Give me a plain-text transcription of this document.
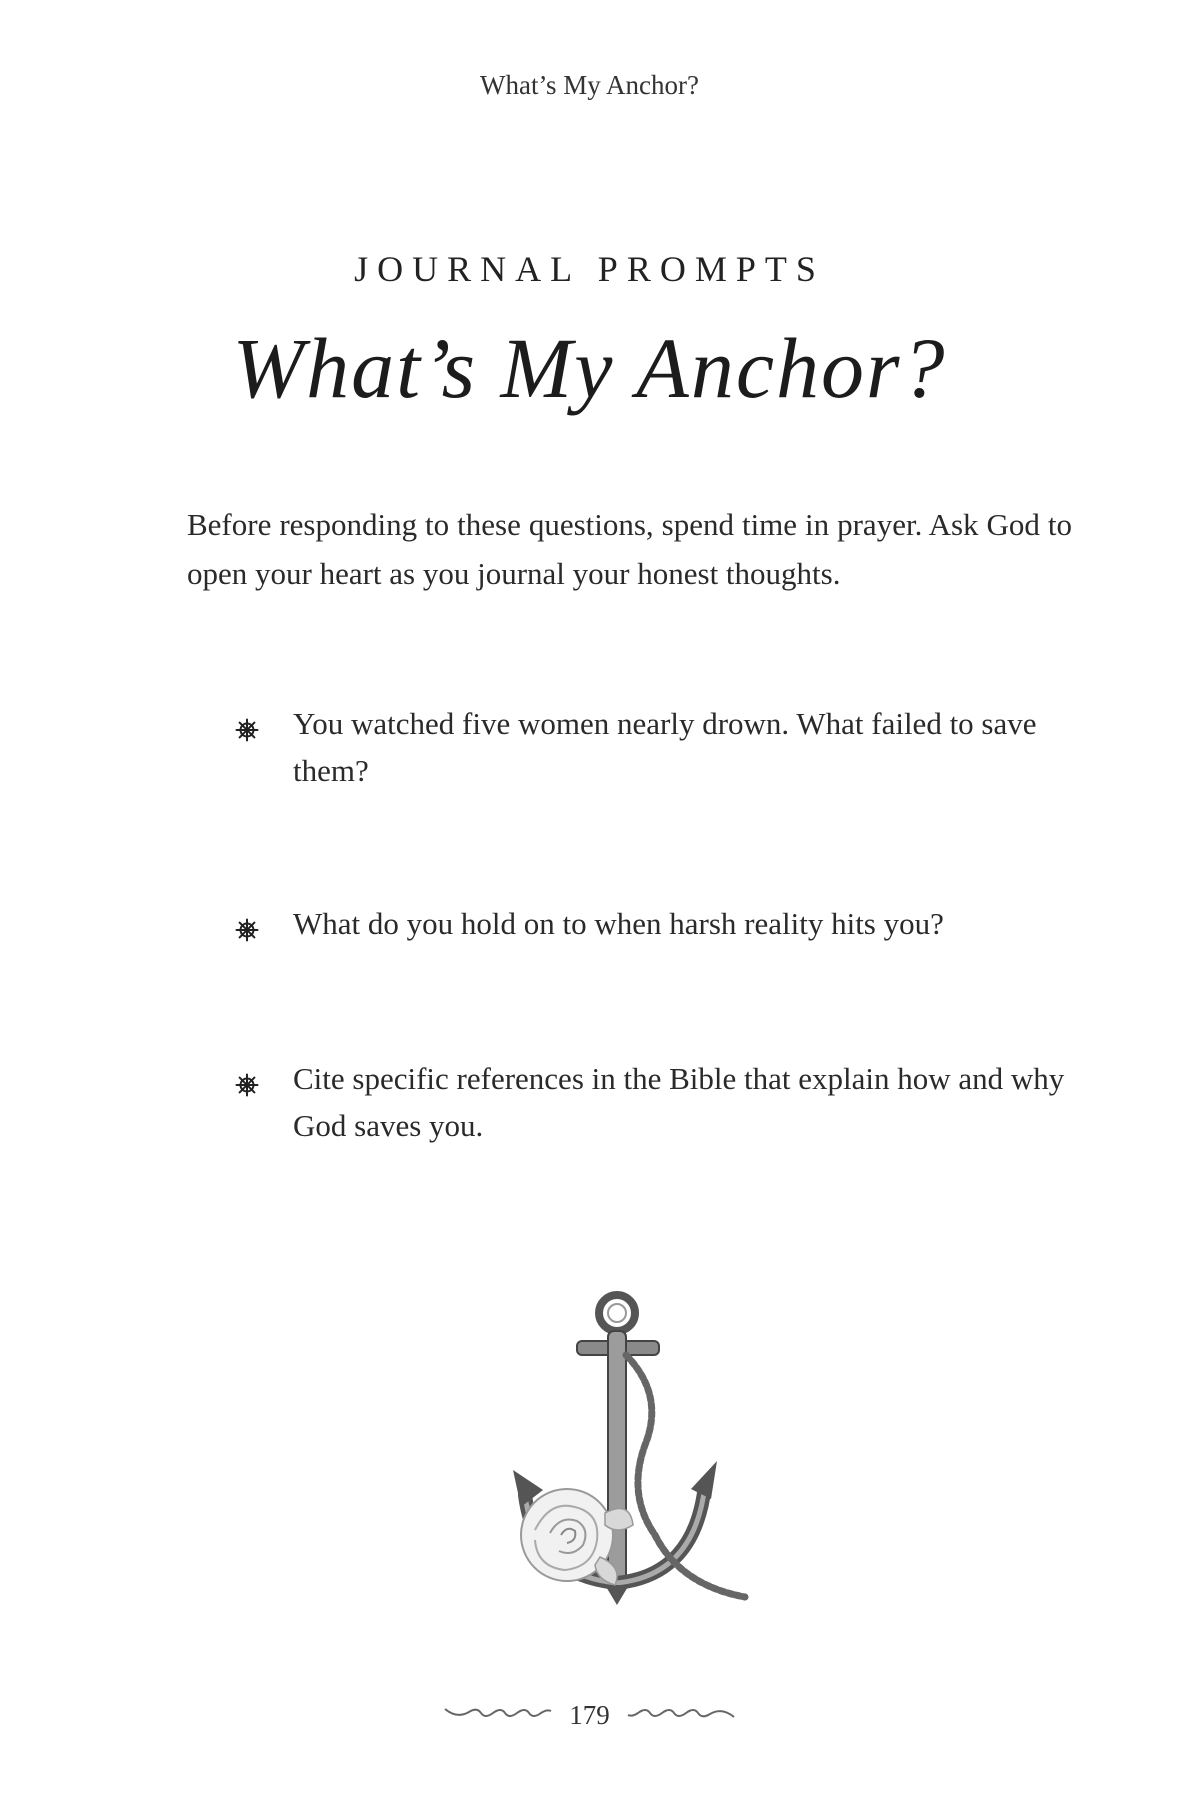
What’s My Anchor?
JOURNAL PROMPTS
What’s My Anchor?

Before responding to these questions, spend time in prayer. Ask God to open your heart as you journal your honest thoughts.

You watched five women nearly drown. What failed to save them?
What do you hold on to when harsh reality hits you?
Cite specific references in the Bible that explain how and why God saves you.
179
